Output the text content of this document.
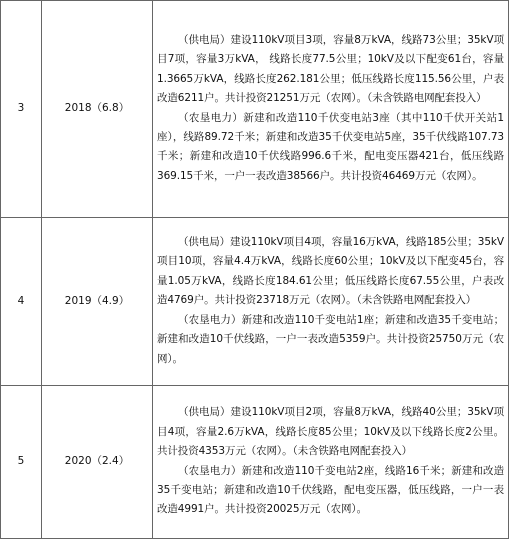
3	2018（6.8）	（供电局）建设110kV项目3项，容量8万kVA，线路73公里；35kV项目7项，容量3万kVA， 线路长度77.5公里；10kV及以下配变61台，容量1.3665万kVA，线路长度262.181公里；低压线路长度115.56公里，户表改造6211户。共计投资21251万元（农网）。（未含铁路电网配套投入）

（农垦电力）新建和改造110千伏变电站3座（其中110千伏开关站1座），线路89.72千米；新建和改造35千伏变电站5座，35千伏线路107.73千米；新建和改造10千伏线路996.6千米，配电变压器421台，低压线路369.15千米，一户一表改造38566户。共计投资46469万元（农网）。

4	2019（4.9）	（供电局）建设110kV项目4项，容量16万kVA，线路185公里；35kV项目10项，容量4.4万kVA，线路长度60公里；10kV及以下配变45台，容量1.05万kVA，线路长度184.61公里；低压线路长度67.55公里，户表改造4769户。共计投资23718万元（农网）。（未含铁路电网配套投入）

（农垦电力）新建和改造110千变电站1座；新建和改造35千变电站；新建和改造10千伏线路，一户一表改造5359户。共计投资25750万元（农网）。

5	2020（2.4）	（供电局）建设110kV项目2项，容量8万kVA，线路40公里；35kV项目4项，容量2.6万kVA，线路长度85公里；10kV及以下线路长度2公里。共计投资4353万元（农网）。（未含铁路电网配套投入）

（农垦电力）新建和改造110千变电站2座，线路16千米；新建和改造35千变电站；新建和改造10千伏线路，配电变压器，低压线路，一户一表改造4991户。共计投资20025万元（农网）。
